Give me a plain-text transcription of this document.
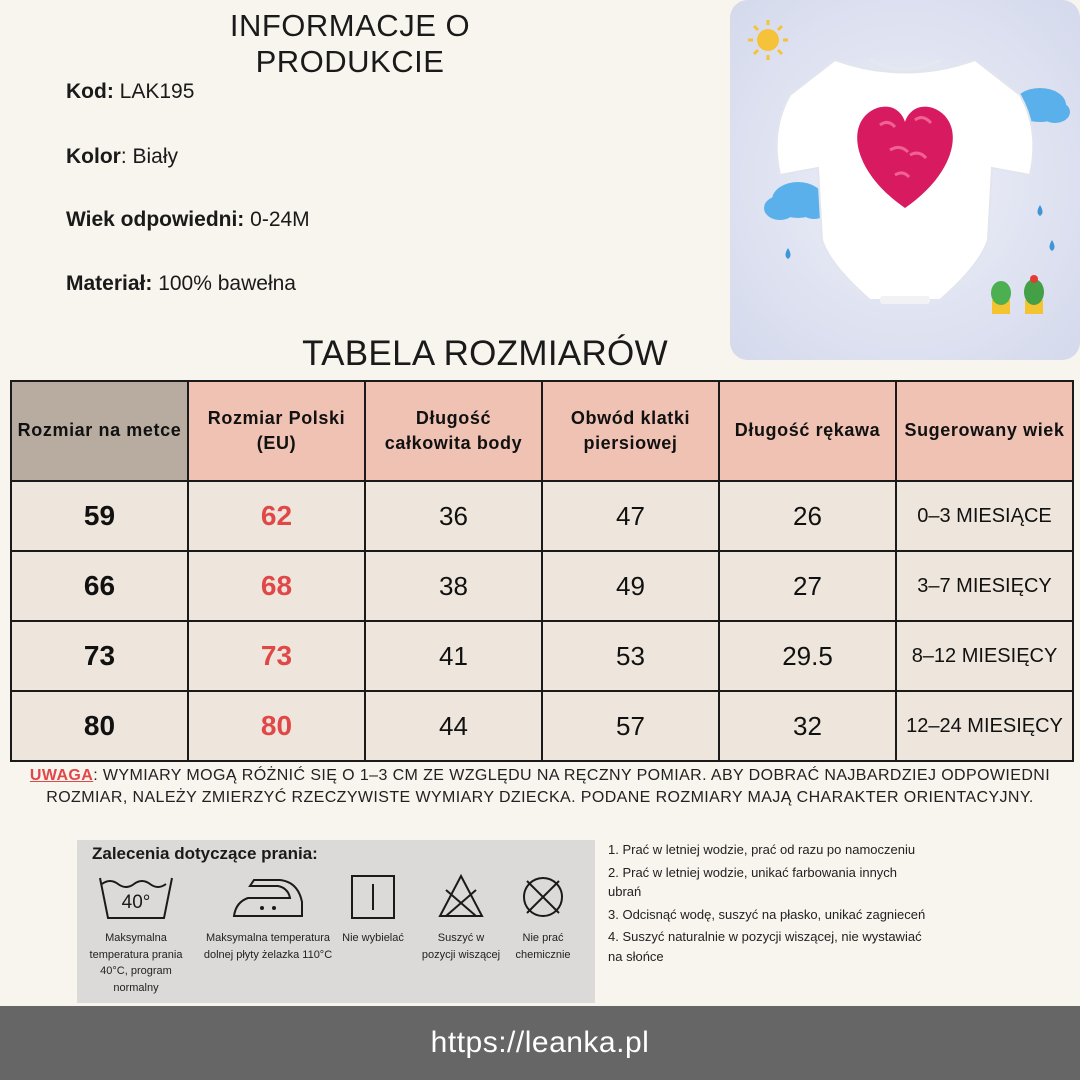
INFORMACJE O PRODUKCIE
Kod: LAK195
Kolor: Biały
Wiek odpowiedni: 0-24M
Materiał: 100% bawełna
TABELA ROZMIARÓW
Rozmiar na metce	Rozmiar Polski (EU)	Długość całkowita body	Obwód klatki piersiowej	Długość rękawa	Sugerowany wiek
59	62	36	47	26	0–3 MIESIĄCE
66	68	38	49	27	3–7 MIESIĘCY
73	73	41	53	29.5	8–12 MIESIĘCY
80	80	44	57	32	12–24 MIESIĘCY
UWAGA: WYMIARY MOGĄ RÓŻNIĆ SIĘ O 1–3 CM ZE WZGLĘDU NA RĘCZNY POMIAR. ABY DOBRAĆ NAJBARDZIEJ ODPOWIEDNI ROZMIAR, NALEŻY ZMIERZYĆ RZECZYWISTE WYMIARY DZIECKA. PODANE ROZMIARY MAJĄ CHARAKTER ORIENTACYJNY.
Zalecenia dotyczące prania:
40°
Maksymalna temperatura prania 40°C, program normalny
Maksymalna temperatura dolnej płyty żelazka 110°C
Nie wybielać	Suszyć w pozycji wiszącej
Nie prać chemicznie

1. Prać w letniej wodzie, prać od razu po namoczeniu

2. Prać w letniej wodzie, unikać farbowania innych ubrań

3. Odcisnąć wodę, suszyć na płasko, unikać zagnieceń

4. Suszyć naturalnie w pozycji wiszącej, nie wystawiać na słońce

https://leanka.pl
